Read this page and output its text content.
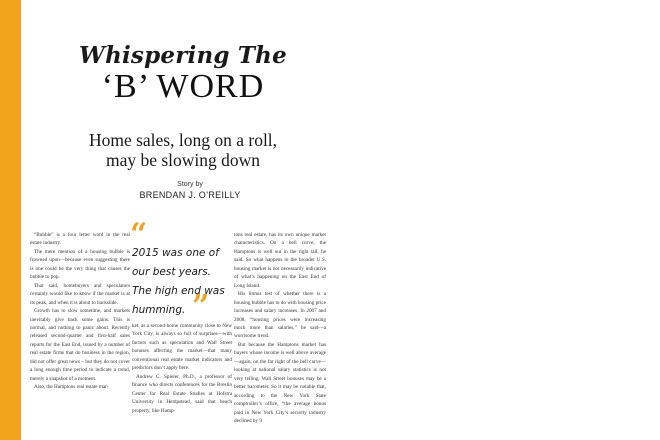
Whispering The
‘B’ WORD
Home sales, long on a roll,
may be slowing down
Story by
BRENDAN J. O’REILLY

“Bubble” is a four letter word in the real estate industry.

The mere mention of a housing bubble is frowned upon—because even suggesting there is one could be the very thing that causes the bubble to pop.

That said, homebuyers and speculators certainly would like to know if the market is at its peak, and when it is about to backslide.

Growth has to slow sometime, and markets inevitably give back some gains. This is normal, and nothing to panic about. Recently released second-quarter and first-half sales reports for the East End, issued by a number of real estate firms that do business in the region, did not offer great news – but they do not cover a long enough time period to indicate a trend, merely a snapshot of a moment.

Also, the Hamptons real estate mar-

“
2015 was one of
our best years.
The high end was
humming. ”

ket, as a second-home community close to New York City, is always so full of surprises—with factors such as speculation and Wall Street bonuses affecting the market—that many conventional real estate market indicators and predictors don’t apply here.

Andrew C. Spieler, Ph.D., a professor of finance who directs conferences for the Breslin Center for Real Estate Studies at Hofstra University in Hempstead, said that beach property, like Hamp-

tons real estate, has its own unique market characteristics. On a bell curve, the Hamptons is well out in the right tail, he said. So what happens in the broader U.S. housing market is not necessarily indicative of what’s happening on the East End of Long Island.

His litmus test of whether there is a housing bubble has to do with housing price increases and salary increases. In 2007 and 2008, “housing prices were increasing much more than salaries,” he said—a worrisome trend.

But because the Hamptons market has buyers whose income is well above average—again, on the far right of the bell curve—looking at national salary statistics is not very telling. Wall Street bonuses may be a better barometer. So it may be notable that, according to the New York State comptroller’s office, “the average bonus paid in New York City’s security industry declined by 9
